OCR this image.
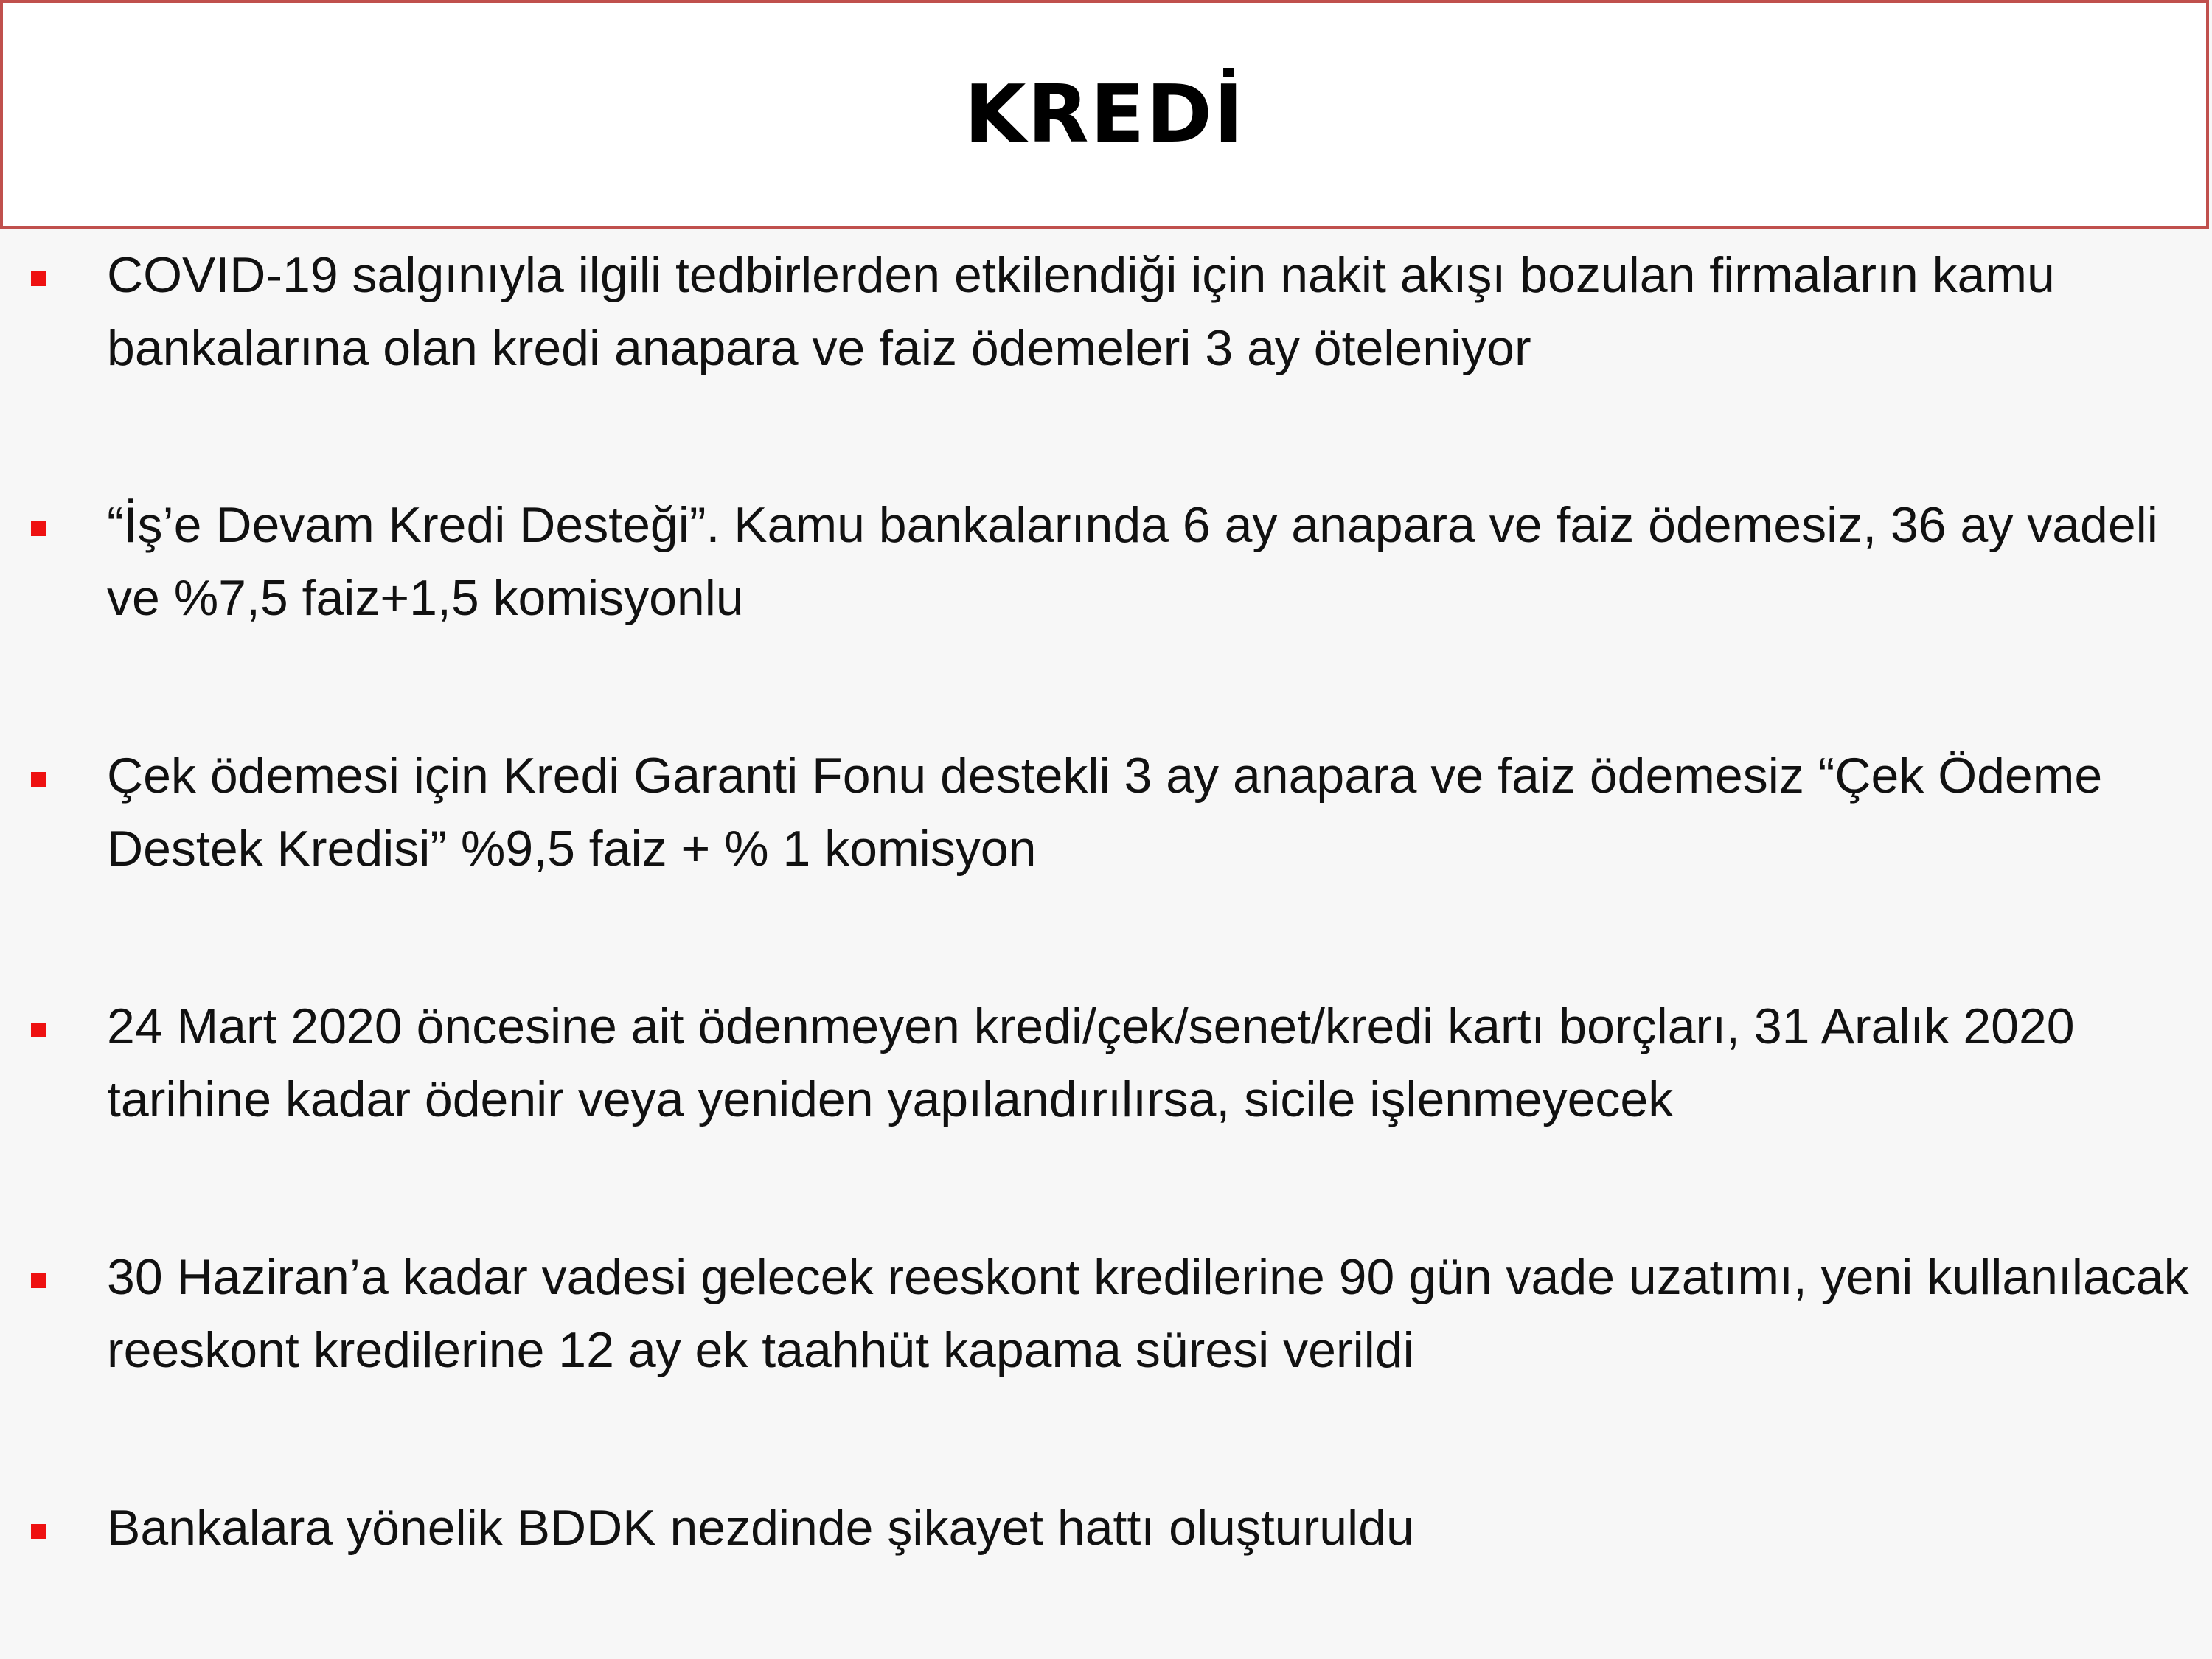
KREDİ
COVID-19 salgınıyla ilgili tedbirlerden etkilendiği için nakit akışı bozulan firmaların kamu bankalarına olan kredi anapara ve faiz ödemeleri 3 ay öteleniyor
“İş’e Devam Kredi Desteği”. Kamu bankalarında 6 ay anapara ve faiz ödemesiz, 36 ay vadeli ve %7,5 faiz+1,5 komisyonlu
Çek ödemesi için Kredi Garanti Fonu destekli 3 ay anapara ve faiz ödemesiz “Çek Ödeme Destek Kredisi” %9,5 faiz + % 1 komisyon
24 Mart 2020 öncesine ait ödenmeyen kredi/çek/senet/kredi kartı borçları, 31 Aralık 2020 tarihine kadar ödenir veya yeniden yapılandırılırsa, sicile işlenmeyecek
30 Haziran’a kadar vadesi gelecek reeskont kredilerine 90 gün vade uzatımı, yeni kullanılacak reeskont kredilerine 12 ay ek taahhüt kapama süresi verildi
Bankalara yönelik BDDK nezdinde şikayet hattı oluşturuldu
